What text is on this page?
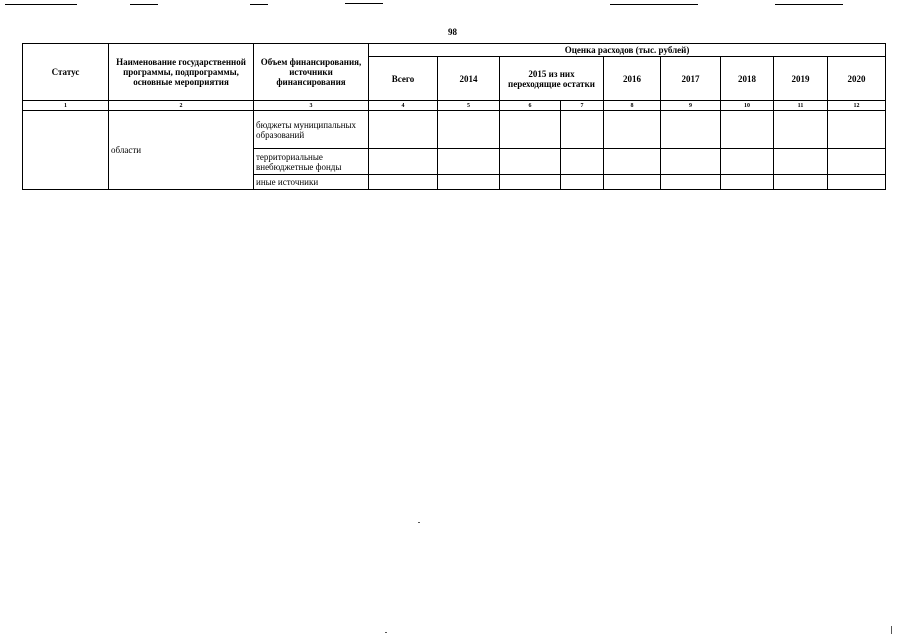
98
Статус	Наименование государственной программы, подпрограммы, основные мероприятия	Объем финансирования, источники финансирования	Оценка расходов (тыс. рублей)								
			Всего	2014	2015 из них переходящие остатки		2016	2017	2018	2019	2020
1	2	3	4	5	6	7	8	9	10	11	12
	области	бюджеты муниципальных образований									
		территориальные внебюджетные фонды									
		иные источники									
